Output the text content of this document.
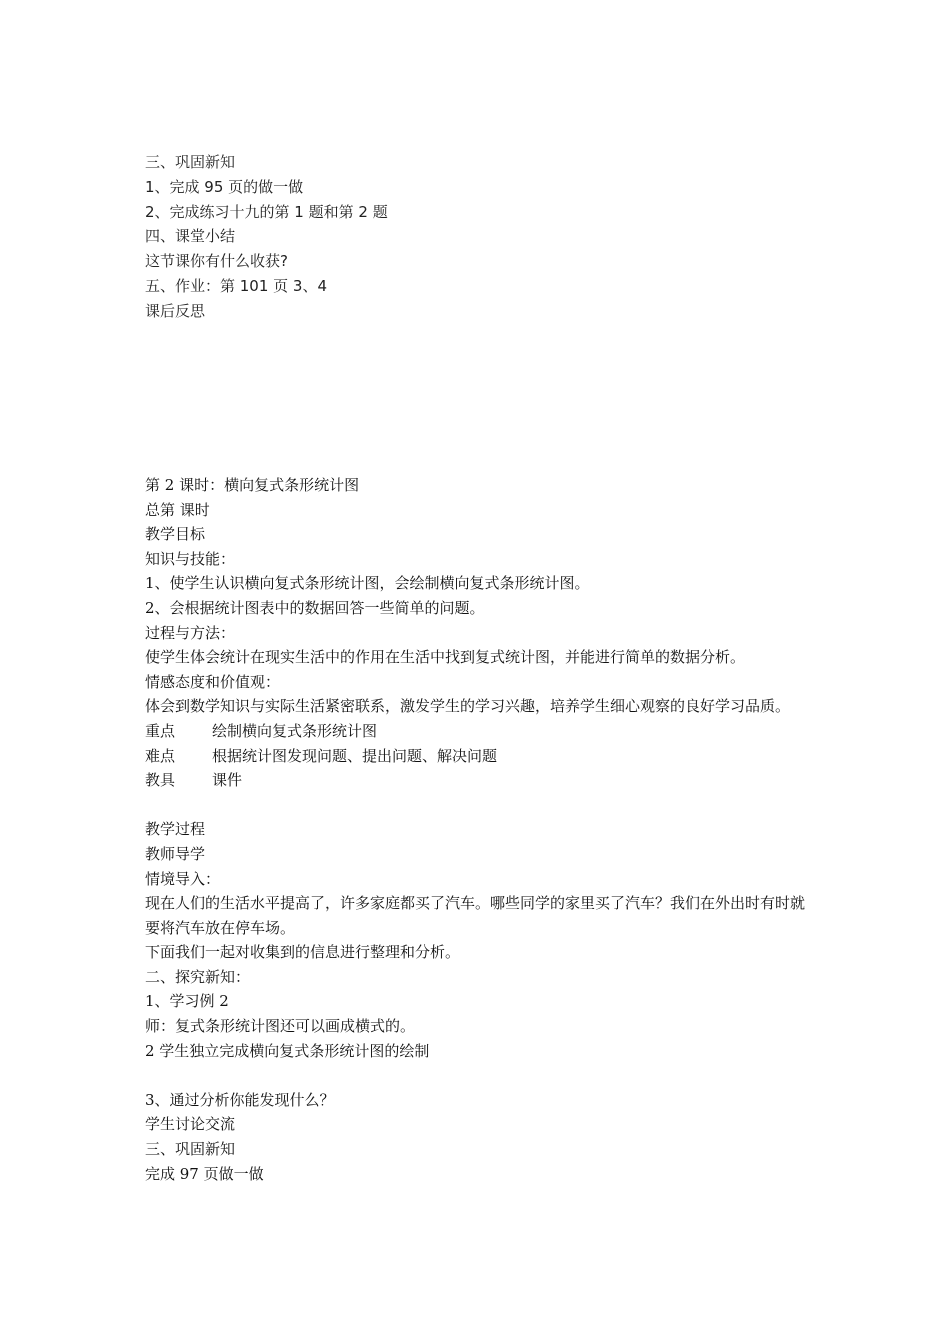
三、巩固新知

1、完成 95 页的做一做

2、完成练习十九的第 1 题和第 2 题

四、课堂小结

这节课你有什么收获?

五、作业：第 101 页 3、4

课后反思

第 2 课时：横向复式条形统计图

总第 课时

教学目标

知识与技能：

1、使学生认识横向复式条形统计图，会绘制横向复式条形统计图。

2、会根据统计图表中的数据回答一些简单的问题。

过程与方法：

使学生体会统计在现实生活中的作用在生活中找到复式统计图，并能进行简单的数据分析。

情感态度和价值观：

体会到数学知识与实际生活紧密联系，激发学生的学习兴趣，培养学生细心观察的良好学习品质。

重点	绘制横向复式条形统计图
难点	根据统计图发现问题、提出问题、解决问题
教具	课件

教学过程

教师导学

情境导入：

现在人们的生活水平提高了，许多家庭都买了汽车。哪些同学的家里买了汽车？我们在外出时有时就要将汽车放在停车场。

下面我们一起对收集到的信息进行整理和分析。

二、探究新知：

1、学习例 2

师：复式条形统计图还可以画成横式的。

2 学生独立完成横向复式条形统计图的绘制

3、通过分析你能发现什么？

学生讨论交流

三、巩固新知

完成 97 页做一做
